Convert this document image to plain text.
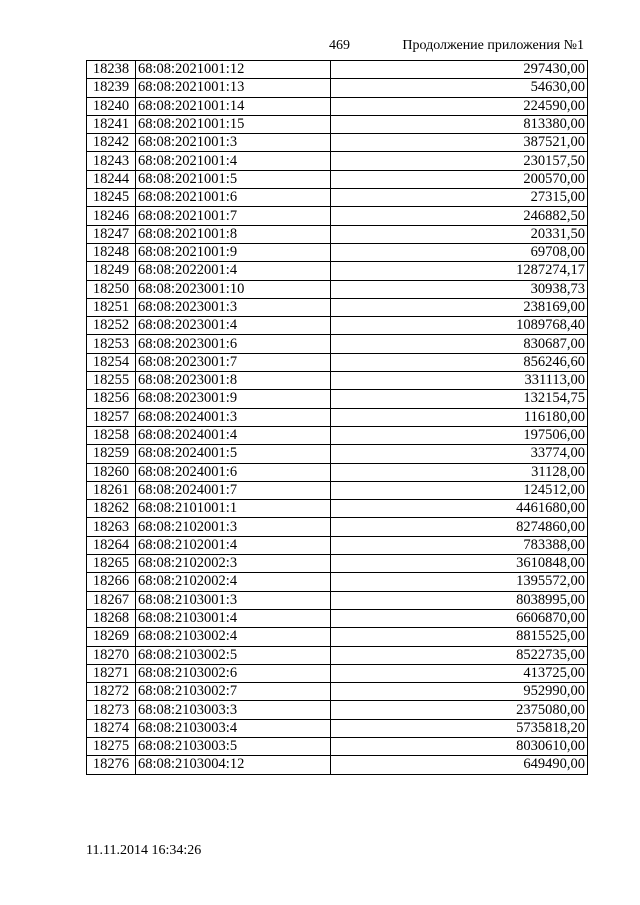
469	Продолжение приложения №1
18238	68:08:2021001:12	297430,00
18239	68:08:2021001:13	54630,00
18240	68:08:2021001:14	224590,00
18241	68:08:2021001:15	813380,00
18242	68:08:2021001:3	387521,00
18243	68:08:2021001:4	230157,50
18244	68:08:2021001:5	200570,00
18245	68:08:2021001:6	27315,00
18246	68:08:2021001:7	246882,50
18247	68:08:2021001:8	20331,50
18248	68:08:2021001:9	69708,00
18249	68:08:2022001:4	1287274,17
18250	68:08:2023001:10	30938,73
18251	68:08:2023001:3	238169,00
18252	68:08:2023001:4	1089768,40
18253	68:08:2023001:6	830687,00
18254	68:08:2023001:7	856246,60
18255	68:08:2023001:8	331113,00
18256	68:08:2023001:9	132154,75
18257	68:08:2024001:3	116180,00
18258	68:08:2024001:4	197506,00
18259	68:08:2024001:5	33774,00
18260	68:08:2024001:6	31128,00
18261	68:08:2024001:7	124512,00
18262	68:08:2101001:1	4461680,00
18263	68:08:2102001:3	8274860,00
18264	68:08:2102001:4	783388,00
18265	68:08:2102002:3	3610848,00
18266	68:08:2102002:4	1395572,00
18267	68:08:2103001:3	8038995,00
18268	68:08:2103001:4	6606870,00
18269	68:08:2103002:4	8815525,00
18270	68:08:2103002:5	8522735,00
18271	68:08:2103002:6	413725,00
18272	68:08:2103002:7	952990,00
18273	68:08:2103003:3	2375080,00
18274	68:08:2103003:4	5735818,20
18275	68:08:2103003:5	8030610,00
18276	68:08:2103004:12	649490,00
11.11.2014 16:34:26
